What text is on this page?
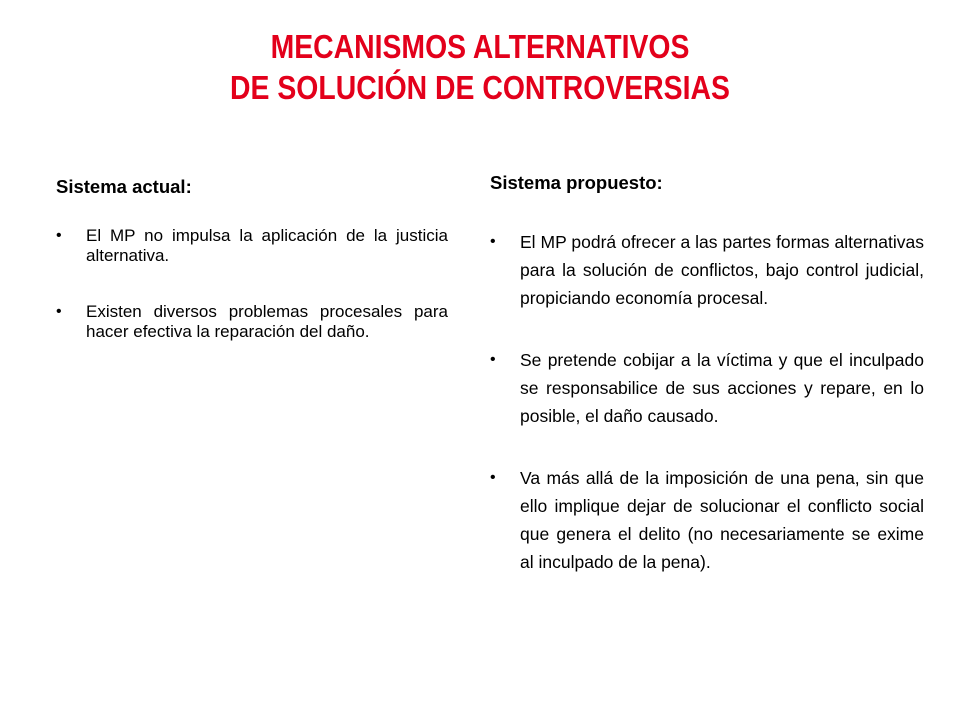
MECANISMOS ALTERNATIVOS
DE SOLUCIÓN DE CONTROVERSIAS
Sistema actual:
• El MP no impulsa la aplicación de la justicia alternativa.
• Existen diversos problemas procesales para hacer efectiva la reparación del daño.
Sistema propuesto:
• El MP podrá ofrecer a las partes formas alternativas para la solución de conflictos, bajo control judicial, propiciando economía procesal.
• Se pretende cobijar a la víctima y que el inculpado se responsabilice de sus acciones y repare, en lo posible, el daño causado.
• Va más allá de la imposición de una pena, sin que ello implique dejar de solucionar el conflicto social que genera el delito (no necesariamente se exime al inculpado de la pena).
